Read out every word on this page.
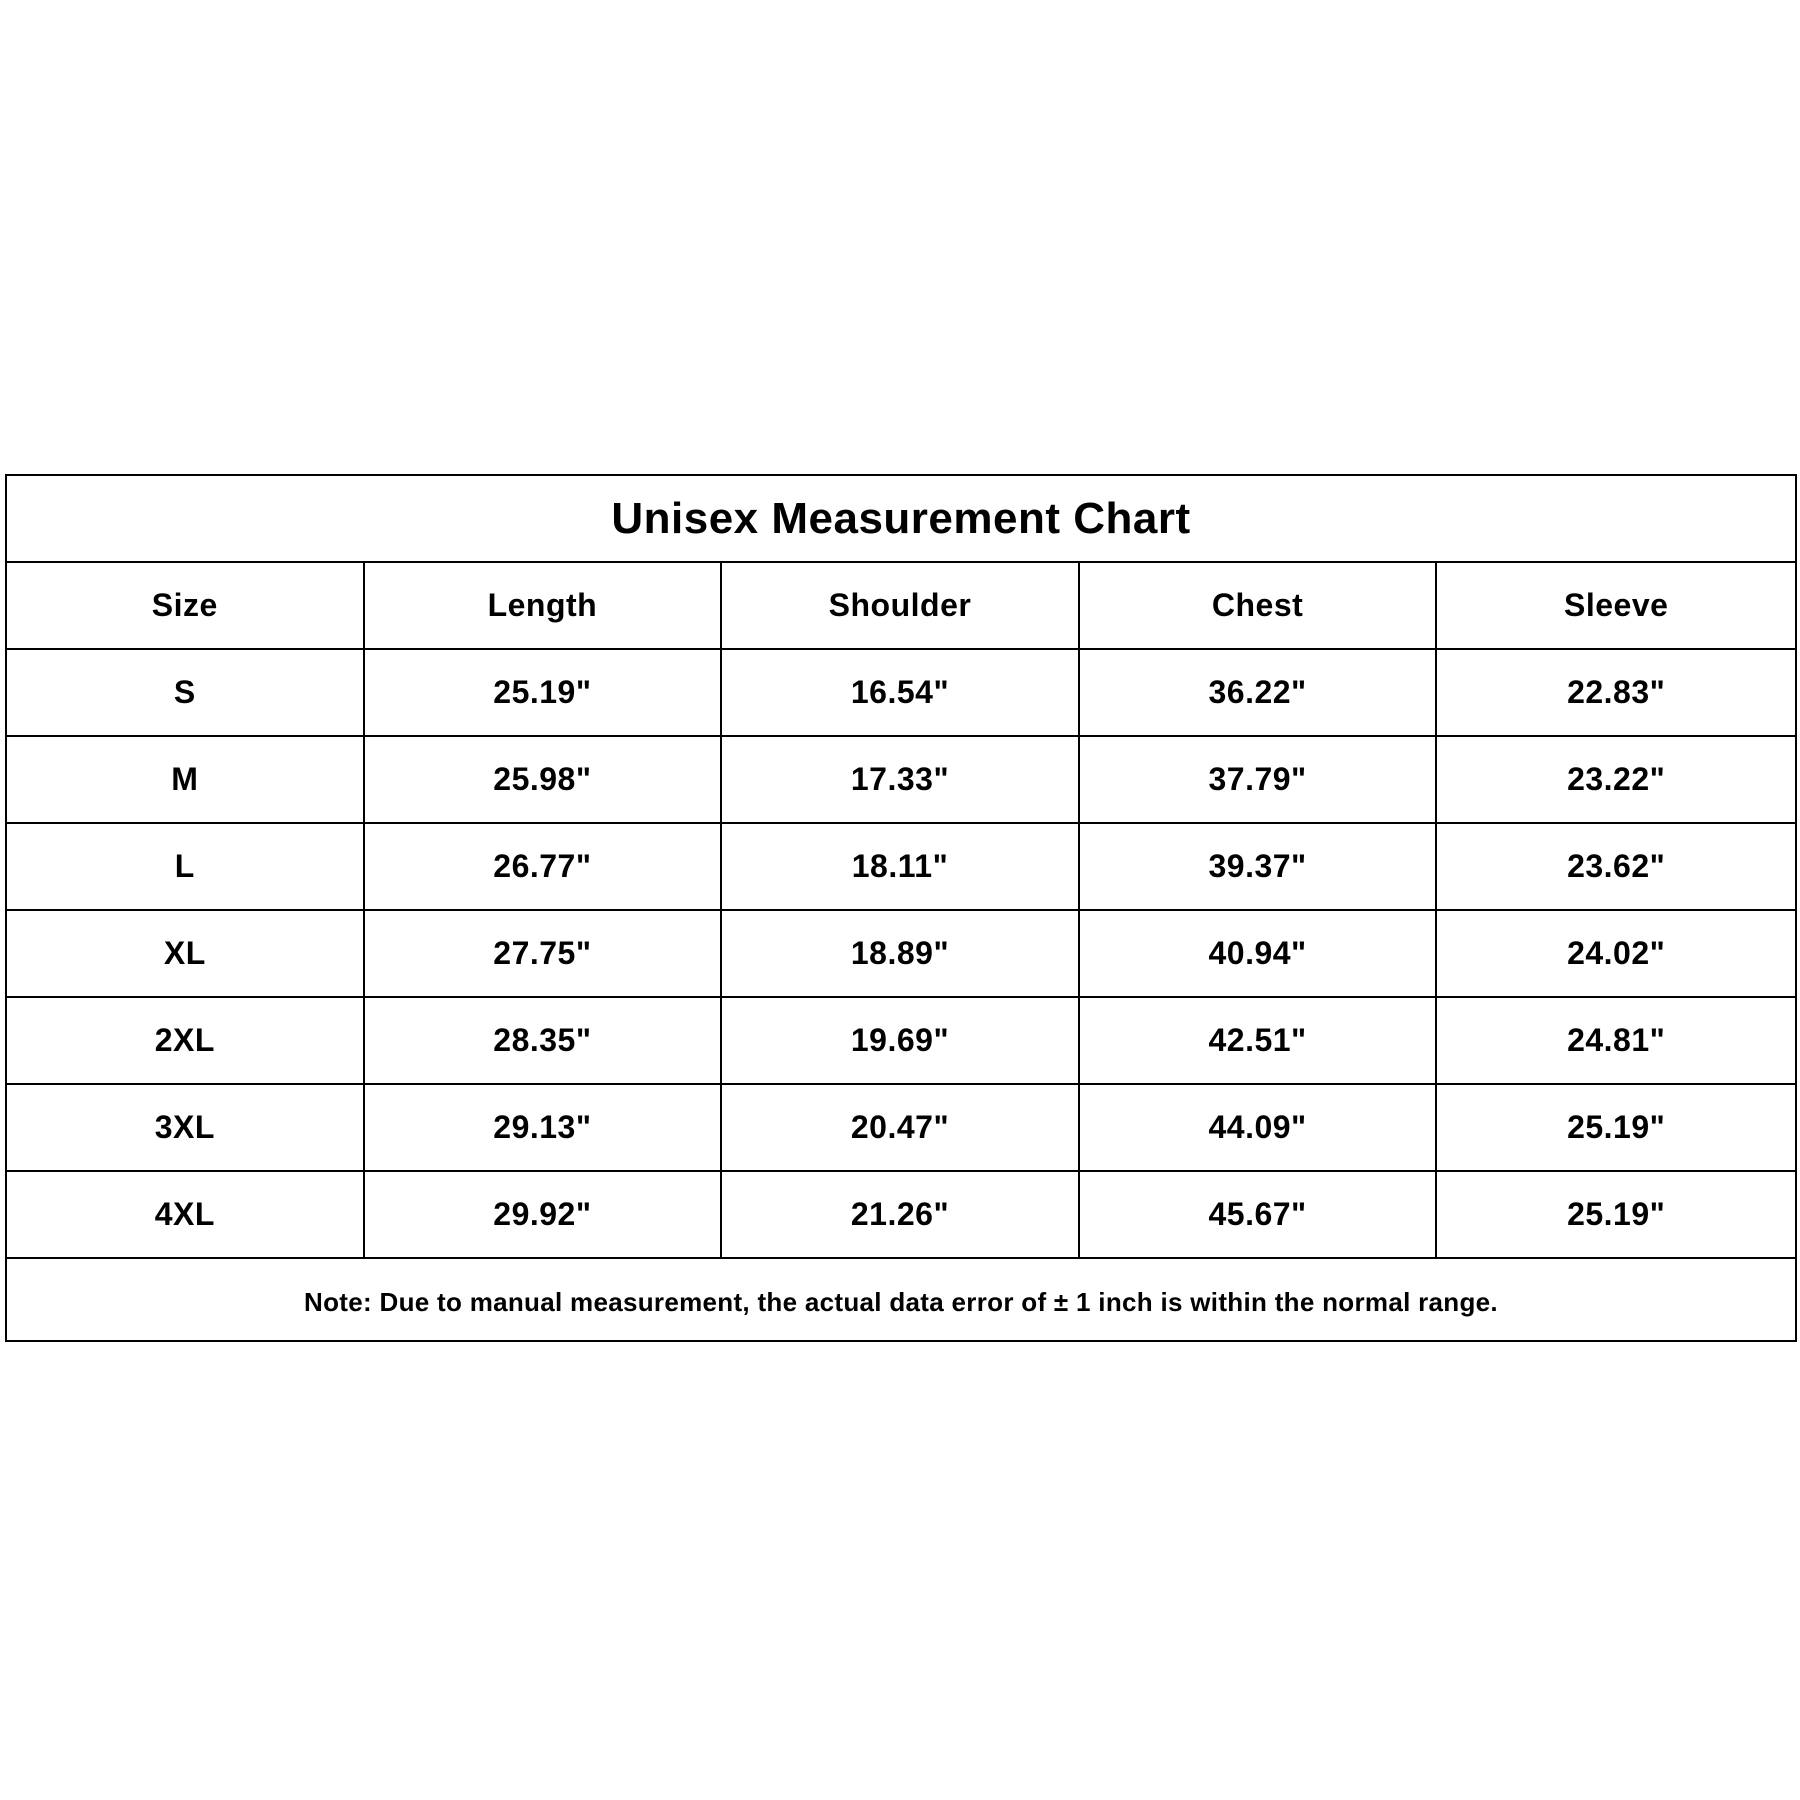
Unisex Measurement Chart
Size	Length	Shoulder	Chest	Sleeve
S	25.19"	16.54"	36.22"	22.83"
M	25.98"	17.33"	37.79"	23.22"
L	26.77"	18.11"	39.37"	23.62"
XL	27.75"	18.89"	40.94"	24.02"
2XL	28.35"	19.69"	42.51"	24.81"
3XL	29.13"	20.47"	44.09"	25.19"
4XL	29.92"	21.26"	45.67"	25.19"
Note: Due to manual measurement, the actual data error of ± 1 inch is within the normal range.
